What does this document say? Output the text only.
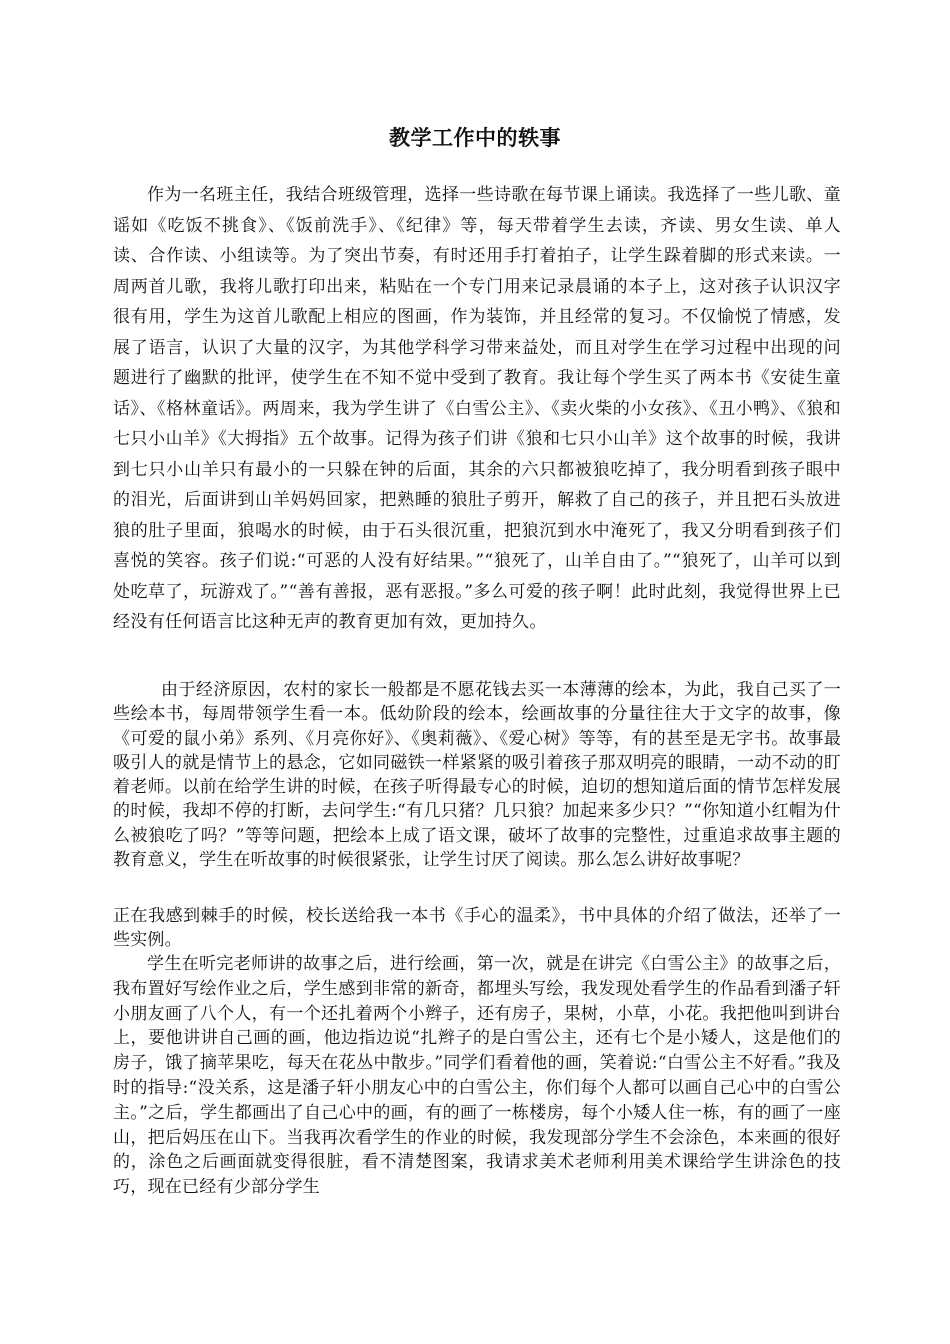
教学工作中的轶事

作为一名班主任，我结合班级管理，选择一些诗歌在每节课上诵读。我选择了一些儿歌、童谣如《吃饭不挑食》、《饭前洗手》、《纪律》等，每天带着学生去读，齐读、男女生读、单人读、合作读、小组读等。为了突出节奏，有时还用手打着拍子，让学生跺着脚的形式来读。一周两首儿歌，我将儿歌打印出来，粘贴在一个专门用来记录晨诵的本子上，这对孩子认识汉字很有用，学生为这首儿歌配上相应的图画，作为装饰，并且经常的复习。不仅愉悦了情感，发展了语言，认识了大量的汉字，为其他学科学习带来益处，而且对学生在学习过程中出现的问题进行了幽默的批评，使学生在不知不觉中受到了教育。我让每个学生买了两本书《安徒生童话》、《格林童话》。两周来，我为学生讲了《白雪公主》、《卖火柴的小女孩》、《丑小鸭》、《狼和七只小山羊》《大拇指》五个故事。记得为孩子们讲《狼和七只小山羊》这个故事的时候，我讲到七只小山羊只有最小的一只躲在钟的后面，其余的六只都被狼吃掉了，我分明看到孩子眼中的泪光，后面讲到山羊妈妈回家，把熟睡的狼肚子剪开，解救了自己的孩子，并且把石头放进狼的肚子里面，狼喝水的时候，由于石头很沉重，把狼沉到水中淹死了，我又分明看到孩子们喜悦的笑容。孩子们说:“可恶的人没有好结果。”“狼死了，山羊自由了。”“狼死了，山羊可以到处吃草了，玩游戏了。”“善有善报，恶有恶报。”多么可爱的孩子啊！此时此刻，我觉得世界上已经没有任何语言比这种无声的教育更加有效，更加持久。

由于经济原因，农村的家长一般都是不愿花钱去买一本薄薄的绘本，为此，我自己买了一些绘本书，每周带领学生看一本。低幼阶段的绘本，绘画故事的分量往往大于文字的故事，像《可爱的鼠小弟》系列、《月亮你好》、《奥莉薇》、《爱心树》等等，有的甚至是无字书。故事最吸引人的就是情节上的悬念，它如同磁铁一样紧紧的吸引着孩子那双明亮的眼睛，一动不动的盯着老师。以前在给学生讲的时候，在孩子听得最专心的时候，迫切的想知道后面的情节怎样发展的时候，我却不停的打断，去问学生:“有几只猪？几只狼？加起来多少只？”“你知道小红帽为什么被狼吃了吗？”等等问题，把绘本上成了语文课，破坏了故事的完整性，过重追求故事主题的教育意义，学生在听故事的时候很紧张，让学生讨厌了阅读。那么怎么讲好故事呢？

正在我感到棘手的时候，校长送给我一本书《手心的温柔》，书中具体的介绍了做法，还举了一些实例。

学生在听完老师讲的故事之后，进行绘画，第一次，就是在讲完《白雪公主》的故事之后，我布置好写绘作业之后，学生感到非常的新奇，都埋头写绘，我发现处看学生的作品看到潘子轩小朋友画了八个人，有一个还扎着两个小辫子，还有房子，果树，小草，小花。我把他叫到讲台上，要他讲讲自己画的画，他边指边说“扎辫子的是白雪公主，还有七个是小矮人，这是他们的房子，饿了摘苹果吃，每天在花丛中散步。”同学们看着他的画，笑着说:“白雪公主不好看。”我及时的指导:“没关系，这是潘子轩小朋友心中的白雪公主，你们每个人都可以画自己心中的白雪公主。”之后，学生都画出了自己心中的画，有的画了一栋楼房，每个小矮人住一栋，有的画了一座山，把后妈压在山下。当我再次看学生的作业的时候，我发现部分学生不会涂色，本来画的很好的，涂色之后画面就变得很脏，看不清楚图案，我请求美术老师利用美术课给学生讲涂色的技巧，现在已经有少部分学生
